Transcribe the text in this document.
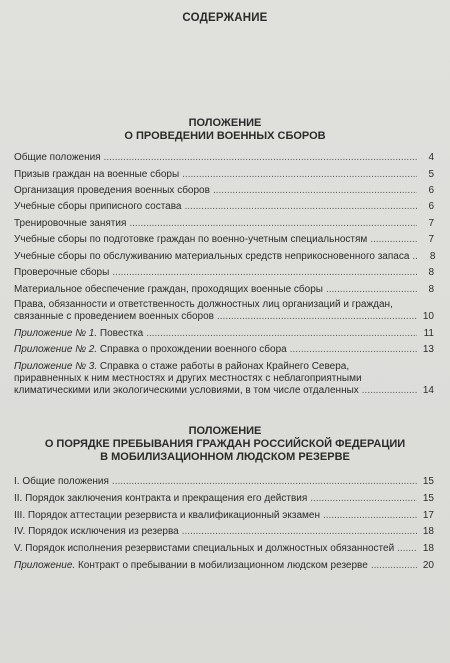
СОДЕРЖАНИЕ
ПОЛОЖЕНИЕ
О ПРОВЕДЕНИИ ВОЕННЫХ СБОРОВ
Общие положения .....	4
Призыв граждан на военные сборы .....	5
Организация проведения военных сборов .....	6
Учебные сборы приписного состава .....	6
Тренировочные занятия .....	7
Учебные сборы по подготовке граждан по военно-учетным специальностям .....	7
Учебные сборы по обслуживанию материальных средств неприкосновенного запаса .....	8
Проверочные сборы .....	8
Материальное обеспечение граждан, проходящих военные сборы .....	8
Права, обязанности и ответственность должностных лиц организаций и граждан,
связанные с проведением военных сборов .....	10
Приложение № 1. Повестка .....	11
Приложение № 2. Справка о прохождении военного сбора .....	13
Приложение № 3. Справка о стаже работы в районах Крайнего Севера,
приравненных к ним местностях и других местностях с неблагоприятными
климатическими или экологическими условиями, в том числе отдаленных .....	14
ПОЛОЖЕНИЕ
О ПОРЯДКЕ ПРЕБЫВАНИЯ ГРАЖДАН РОССИЙСКОЙ ФЕДЕРАЦИИ
В МОБИЛИЗАЦИОННОМ ЛЮДСКОМ РЕЗЕРВЕ
I. Общие положения .....	15
II. Порядок заключения контракта и прекращения его действия .....	15
III. Порядок аттестации резервиста и квалификационный экзамен .....	17
IV. Порядок исключения из резерва .....	18
V. Порядок исполнения резервистами специальных и должностных обязанностей .....	18
Приложение. Контракт о пребывании в мобилизационном людском резерве .....	20
